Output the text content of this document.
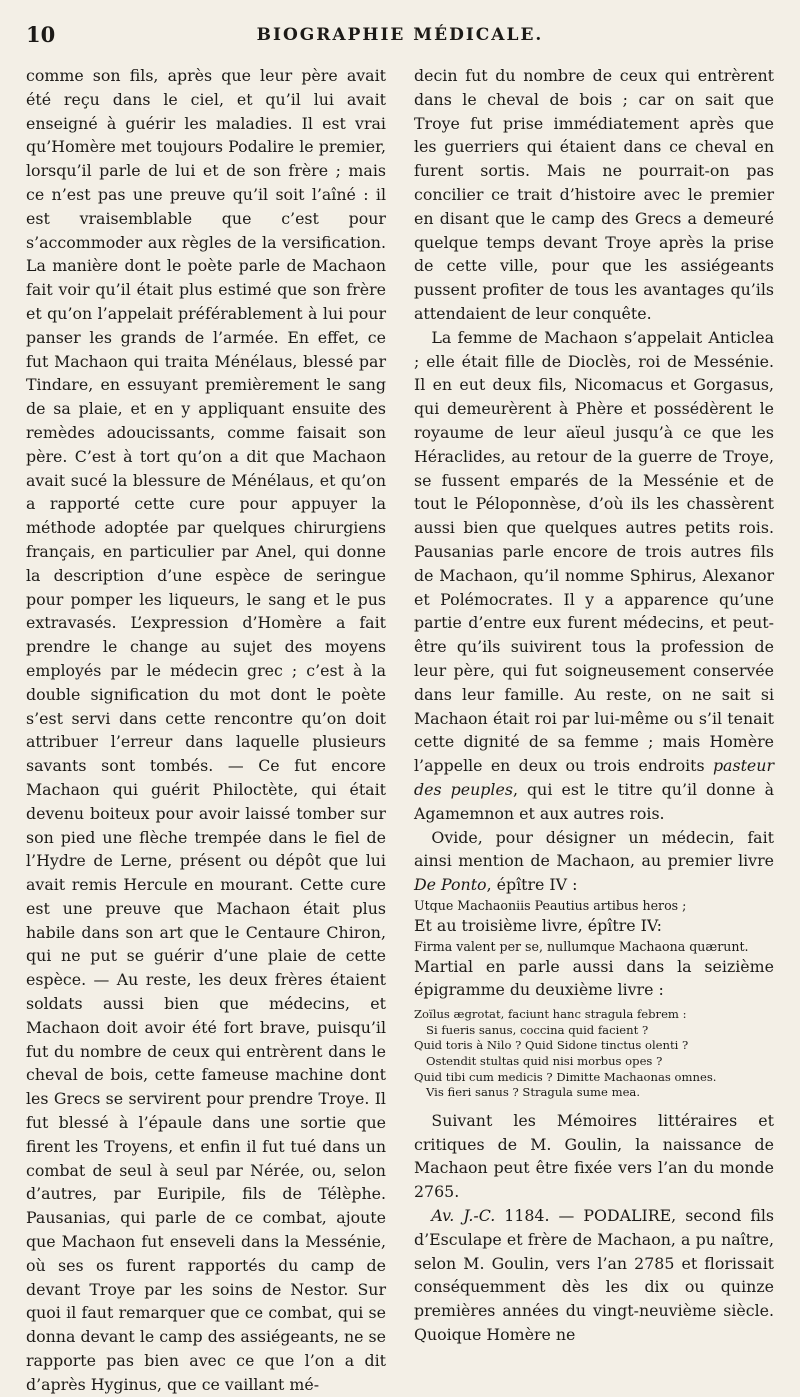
10	BIOGRAPHIE MÉDICALE.

comme son fils, après que leur père avait été reçu dans le ciel, et qu’il lui avait enseigné à guérir les maladies. Il est vrai qu’Homère met toujours Podalire le premier, lorsqu’il parle de lui et de son frère ; mais ce n’est pas une preuve qu’il soit l’aîné : il est vraisemblable que c’est pour s’accommoder aux règles de la versification. La manière dont le poète parle de Machaon fait voir qu’il était plus estimé que son frère et qu’on l’appelait préférablement à lui pour panser les grands de l’armée. En effet, ce fut Machaon qui traita Ménélaus, blessé par Tindare, en essuyant premièrement le sang de sa plaie, et en y appliquant ensuite des remèdes adoucissants, comme faisait son père. C’est à tort qu’on a dit que Machaon avait sucé la blessure de Ménélaus, et qu’on a rapporté cette cure pour appuyer la méthode adoptée par quelques chirurgiens français, en particulier par Anel, qui donne la description d’une espèce de seringue pour pomper les liqueurs, le sang et le pus extravasés. L’expression d’Homère a fait prendre le change au sujet des moyens employés par le médecin grec ; c’est à la double signification du mot dont le poète s’est servi dans cette rencontre qu’on doit attribuer l’erreur dans laquelle plusieurs savants sont tombés. — Ce fut encore Machaon qui guérit Philoctète, qui était devenu boiteux pour avoir laissé tomber sur son pied une flèche trempée dans le fiel de l’Hydre de Lerne, présent ou dépôt que lui avait remis Hercule en mourant. Cette cure est une preuve que Machaon était plus habile dans son art que le Centaure Chiron, qui ne put se guérir d’une plaie de cette espèce. — Au reste, les deux frères étaient soldats aussi bien que médecins, et Machaon doit avoir été fort brave, puisqu’il fut du nombre de ceux qui entrèrent dans le cheval de bois, cette fameuse machine dont les Grecs se servirent pour prendre Troye. Il fut blessé à l’épaule dans une sortie que firent les Troyens, et enfin il fut tué dans un combat de seul à seul par Nérée, ou, selon d’autres, par Euripile, fils de Télèphe. Pausanias, qui parle de ce combat, ajoute que Machaon fut enseveli dans la Messénie, où ses os furent rapportés du camp de devant Troye par les soins de Nestor. Sur quoi il faut remarquer que ce combat, qui se donna devant le camp des assiégeants, ne se rapporte pas bien avec ce que l’on a dit d’après Hyginus, que ce vaillant mé-

decin fut du nombre de ceux qui entrèrent dans le cheval de bois ; car on sait que Troye fut prise immédiatement après que les guerriers qui étaient dans ce cheval en furent sortis. Mais ne pourrait-on pas concilier ce trait d’histoire avec le premier en disant que le camp des Grecs a demeuré quelque temps devant Troye après la prise de cette ville, pour que les assiégeants pussent profiter de tous les avantages qu’ils attendaient de leur conquête.

La femme de Machaon s’appelait Anticlea ; elle était fille de Dioclès, roi de Messénie. Il en eut deux fils, Nicomacus et Gorgasus, qui demeurèrent à Phère et possédèrent le royaume de leur aïeul jusqu’à ce que les Héraclides, au retour de la guerre de Troye, se fussent emparés de la Messénie et de tout le Péloponnèse, d’où ils les chassèrent aussi bien que quelques autres petits rois. Pausanias parle encore de trois autres fils de Machaon, qu’il nomme Sphirus, Alexanor et Polémocrates. Il y a apparence qu’une partie d’entre eux furent médecins, et peut-être qu’ils suivirent tous la profession de leur père, qui fut soigneusement conservée dans leur famille. Au reste, on ne sait si Machaon était roi par lui-même ou s’il tenait cette dignité de sa femme ; mais Homère l’appelle en deux ou trois endroits pasteur des peuples, qui est le titre qu’il donne à Agamemnon et aux autres rois.

Ovide, pour désigner un médecin, fait ainsi mention de Machaon, au premier livre De Ponto, épître IV :

Utque Machaoniis Peautius artibus heros ;

Et au troisième livre, épître IV:

Firma valent per se, nullumque Machaona quærunt.

Martial en parle aussi dans la seizième épigramme du deuxième livre :

Zoïlus ægrotat, faciunt hanc stragula febrem :
Si fueris sanus, coccina quid facient ?
Quid toris à Nilo ? Quid Sidone tinctus olenti ?
Ostendit stultas quid nisi morbus opes ?
Quid tibi cum medicis ? Dimitte Machaonas omnes.
Vis fieri sanus ? Stragula sume mea.

Suivant les Mémoires littéraires et critiques de M. Goulin, la naissance de Machaon peut être fixée vers l’an du monde 2765.

Av. J.-C. 1184. — PODALIRE, second fils d’Esculape et frère de Machaon, a pu naître, selon M. Goulin, vers l’an 2785 et florissait conséquemment dès les dix ou quinze premières années du vingt-neuvième siècle. Quoique Homère ne
